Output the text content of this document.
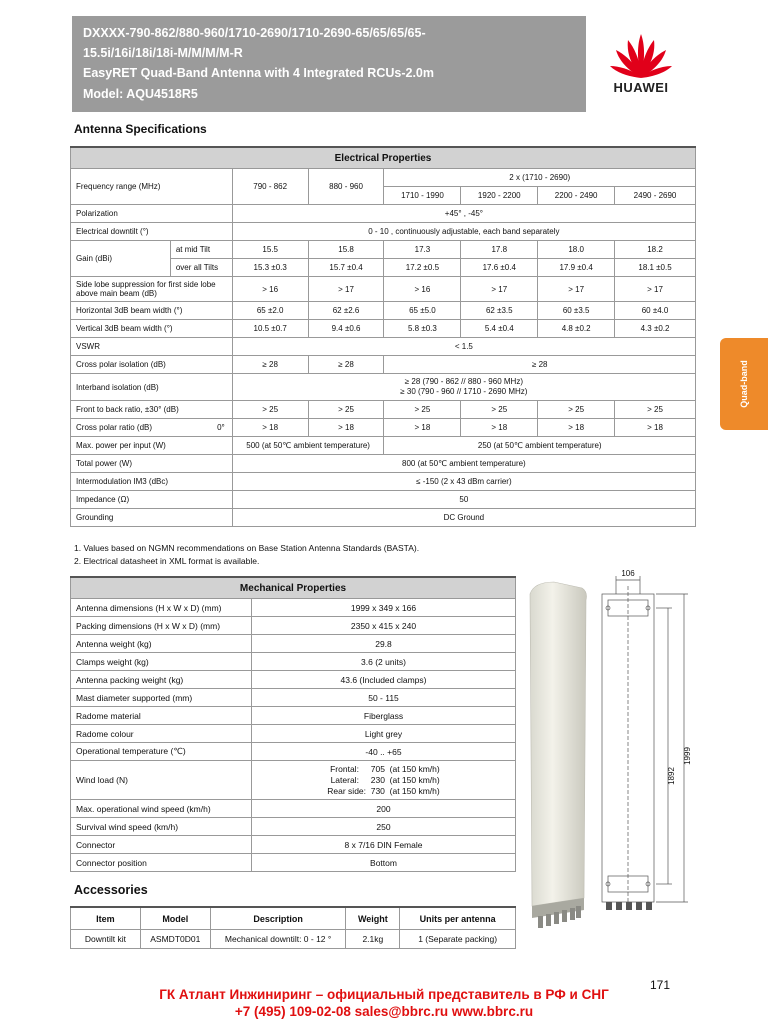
DXXXX-790-862/880-960/1710-2690/1710-2690-65/65/65/65-
15.5i/16i/18i/18i-M/M/M/M-R
EasyRET Quad-Band Antenna with 4 Integrated RCUs-2.0m
Model: AQU4518R5	HUAWEI
Antenna Specifications
Electrical Properties							
Frequency range (MHz)		790 - 862	880 - 960	2 x (1710 - 2690)			
				1710 - 1990	1920 - 2200	2200 - 2490	2490 - 2690
Polarization		+45° , -45°					
Electrical downtilt (°)		0 - 10 , continuously adjustable, each band separately					
Gain (dBi)	at mid Tilt	15.5	15.8	17.3	17.8	18.0	18.2
	over all Tilts	15.3 ±0.3	15.7 ±0.4	17.2 ±0.5	17.6 ±0.4	17.9 ±0.4	18.1 ±0.5
Side lobe suppression for first side lobe above main beam (dB)		> 16	> 17	> 16	> 17	> 17	> 17
Horizontal 3dB beam width (°)		65 ±2.0	62 ±2.6	65 ±5.0	62 ±3.5	60 ±3.5	60 ±4.0
Vertical 3dB beam width (°)		10.5 ±0.7	9.4 ±0.6	5.8 ±0.3	5.4 ±0.4	4.8 ±0.2	4.3 ±0.2
VSWR		< 1.5					
Cross polar isolation (dB)		≥ 28	≥ 28	≥ 28			
Interband isolation (dB)		≥ 28 (790 - 862 // 880 - 960 MHz)
≥ 30 (790 - 960 // 1710 - 2690 MHz)					

Front to back ratio, ±30° (dB)		> 25	> 25	> 25	> 25	> 25	> 25
Cross polar ratio (dB) 0°		> 18	> 18	> 18	> 18	> 18	> 18
Max. power per input (W)		500 (at 50℃ ambient temperature)		250 (at 50℃ ambient temperature)			
Total power (W)		800 (at 50℃ ambient temperature)					
Intermodulation IM3 (dBc)		≤ -150 (2 x 43 dBm carrier)					
Impedance (Ω)		50					
Grounding		DC Ground					
1. Values based on NGMN recommendations on Base Station Antenna Standards (BASTA).
2. Electrical datasheet in XML format is available.
Mechanical Properties	
Antenna dimensions (H x W x D) (mm)	1999 x 349 x 166
Packing dimensions (H x W x D) (mm)	2350 x 415 x 240
Antenna weight (kg)	29.8
Clamps weight (kg)	3.6 (2 units)
Antenna packing weight (kg)	43.6 (Included clamps)
Mast diameter supported (mm)	50 - 115
Radome material	Fiberglass
Radome colour	Light grey
Operational temperature (℃)	-40 .. +65
Wind load (N)	Frontal:     705  (at 150 km/h)
Lateral:     230  (at 150 km/h)
Rear side:  730  (at 150 km/h)

Max. operational wind speed (km/h)	200
Survival wind speed (km/h)	250
Connector	8 x 7/16 DIN Female
Connector position	Bottom
Accessories
Item	Model	Description	Weight	Units per antenna
Downtilt kit	ASMDT0D01	Mechanical downtilt: 0 - 12 °	2.1kg	1 (Separate packing)
Quad-band
106
1999
1892
171
ГК Атлант Инжиниринг – официальный представитель в РФ и СНГ
+7 (495) 109-02-08 sales@bbrc.ru www.bbrc.ru
